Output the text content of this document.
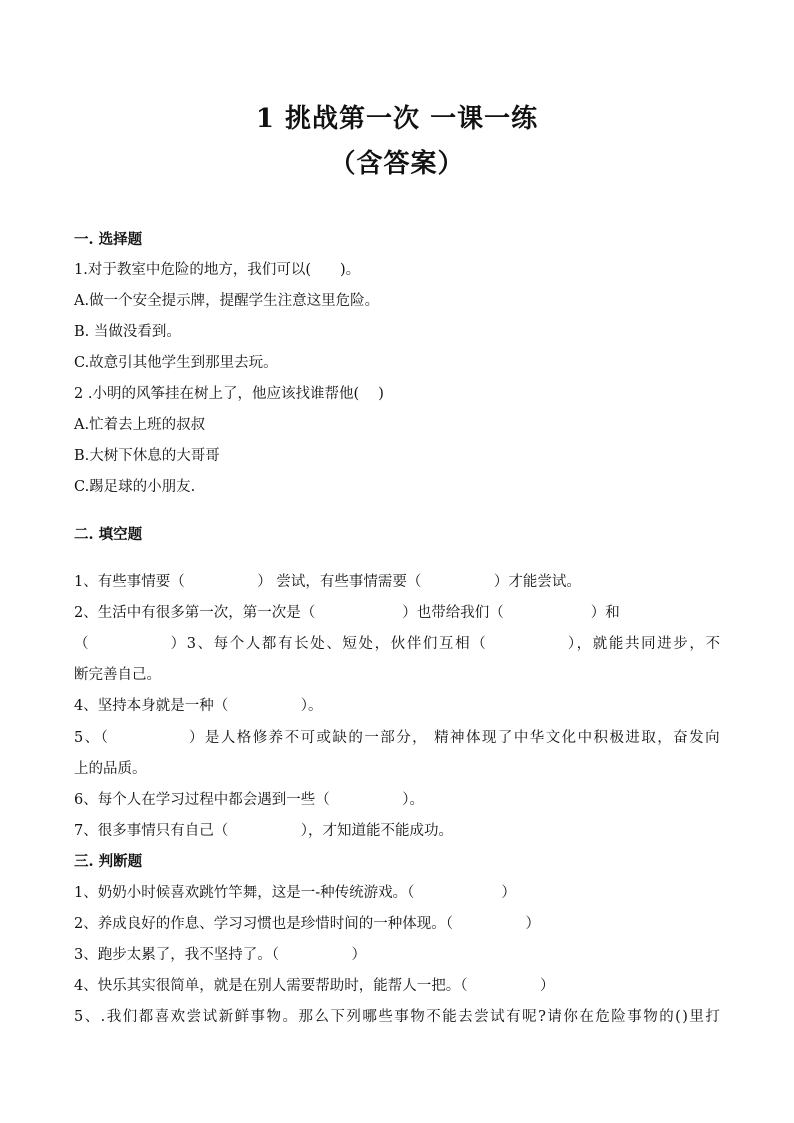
1 挑战第一次 一课一练
（含答案）
一. 选择题
1.对于教室中危险的地方，我们可以(　　)。
A.做一个安全提示牌，提醒学生注意这里危险。
B. 当做没看到。
C.故意引其他学生到那里去玩。
2 .小明的风筝挂在树上了，他应该找谁帮他(　 )
A.忙着去上班的叔叔
B.大树下休息的大哥哥
C.踢足球的小朋友.
二. 填空题
1、有些事情要（　　　　　） 尝试，有些事情需要（　　　　　）才能尝试。
2、生活中有很多第一次，第一次是（　　　　　　）也带给我们（　　　　　　）和
（　　　　　）3、每个人都有长处、短处，伙伴们互相（　　　　　），就能共同进步，不
断完善自己。
4、坚持本身就是一种（　　　　　）。
5、（　　　　　）是人格修养不可或缺的一部分， 精神体现了中华文化中积极进取，奋发向
上的品质。
6、每个人在学习过程中都会遇到一些（　　　　　）。
7、很多事情只有自己（　　　　　），才知道能不能成功。
三. 判断题
1、奶奶小时候喜欢跳竹竿舞，这是一-种传统游戏。（　　　　　　）
2、养成良好的作息、学习习惯也是珍惜时间的一种体现。（　　　　　）
3、跑步太累了，我不坚持了。（　　　　　）
4、快乐其实很简单，就是在别人需要帮助时，能帮人一把。（　　　　　）
5、.我们都喜欢尝试新鲜事物。那么下列哪些事物不能去尝试有呢?请你在危险事物的()里打
